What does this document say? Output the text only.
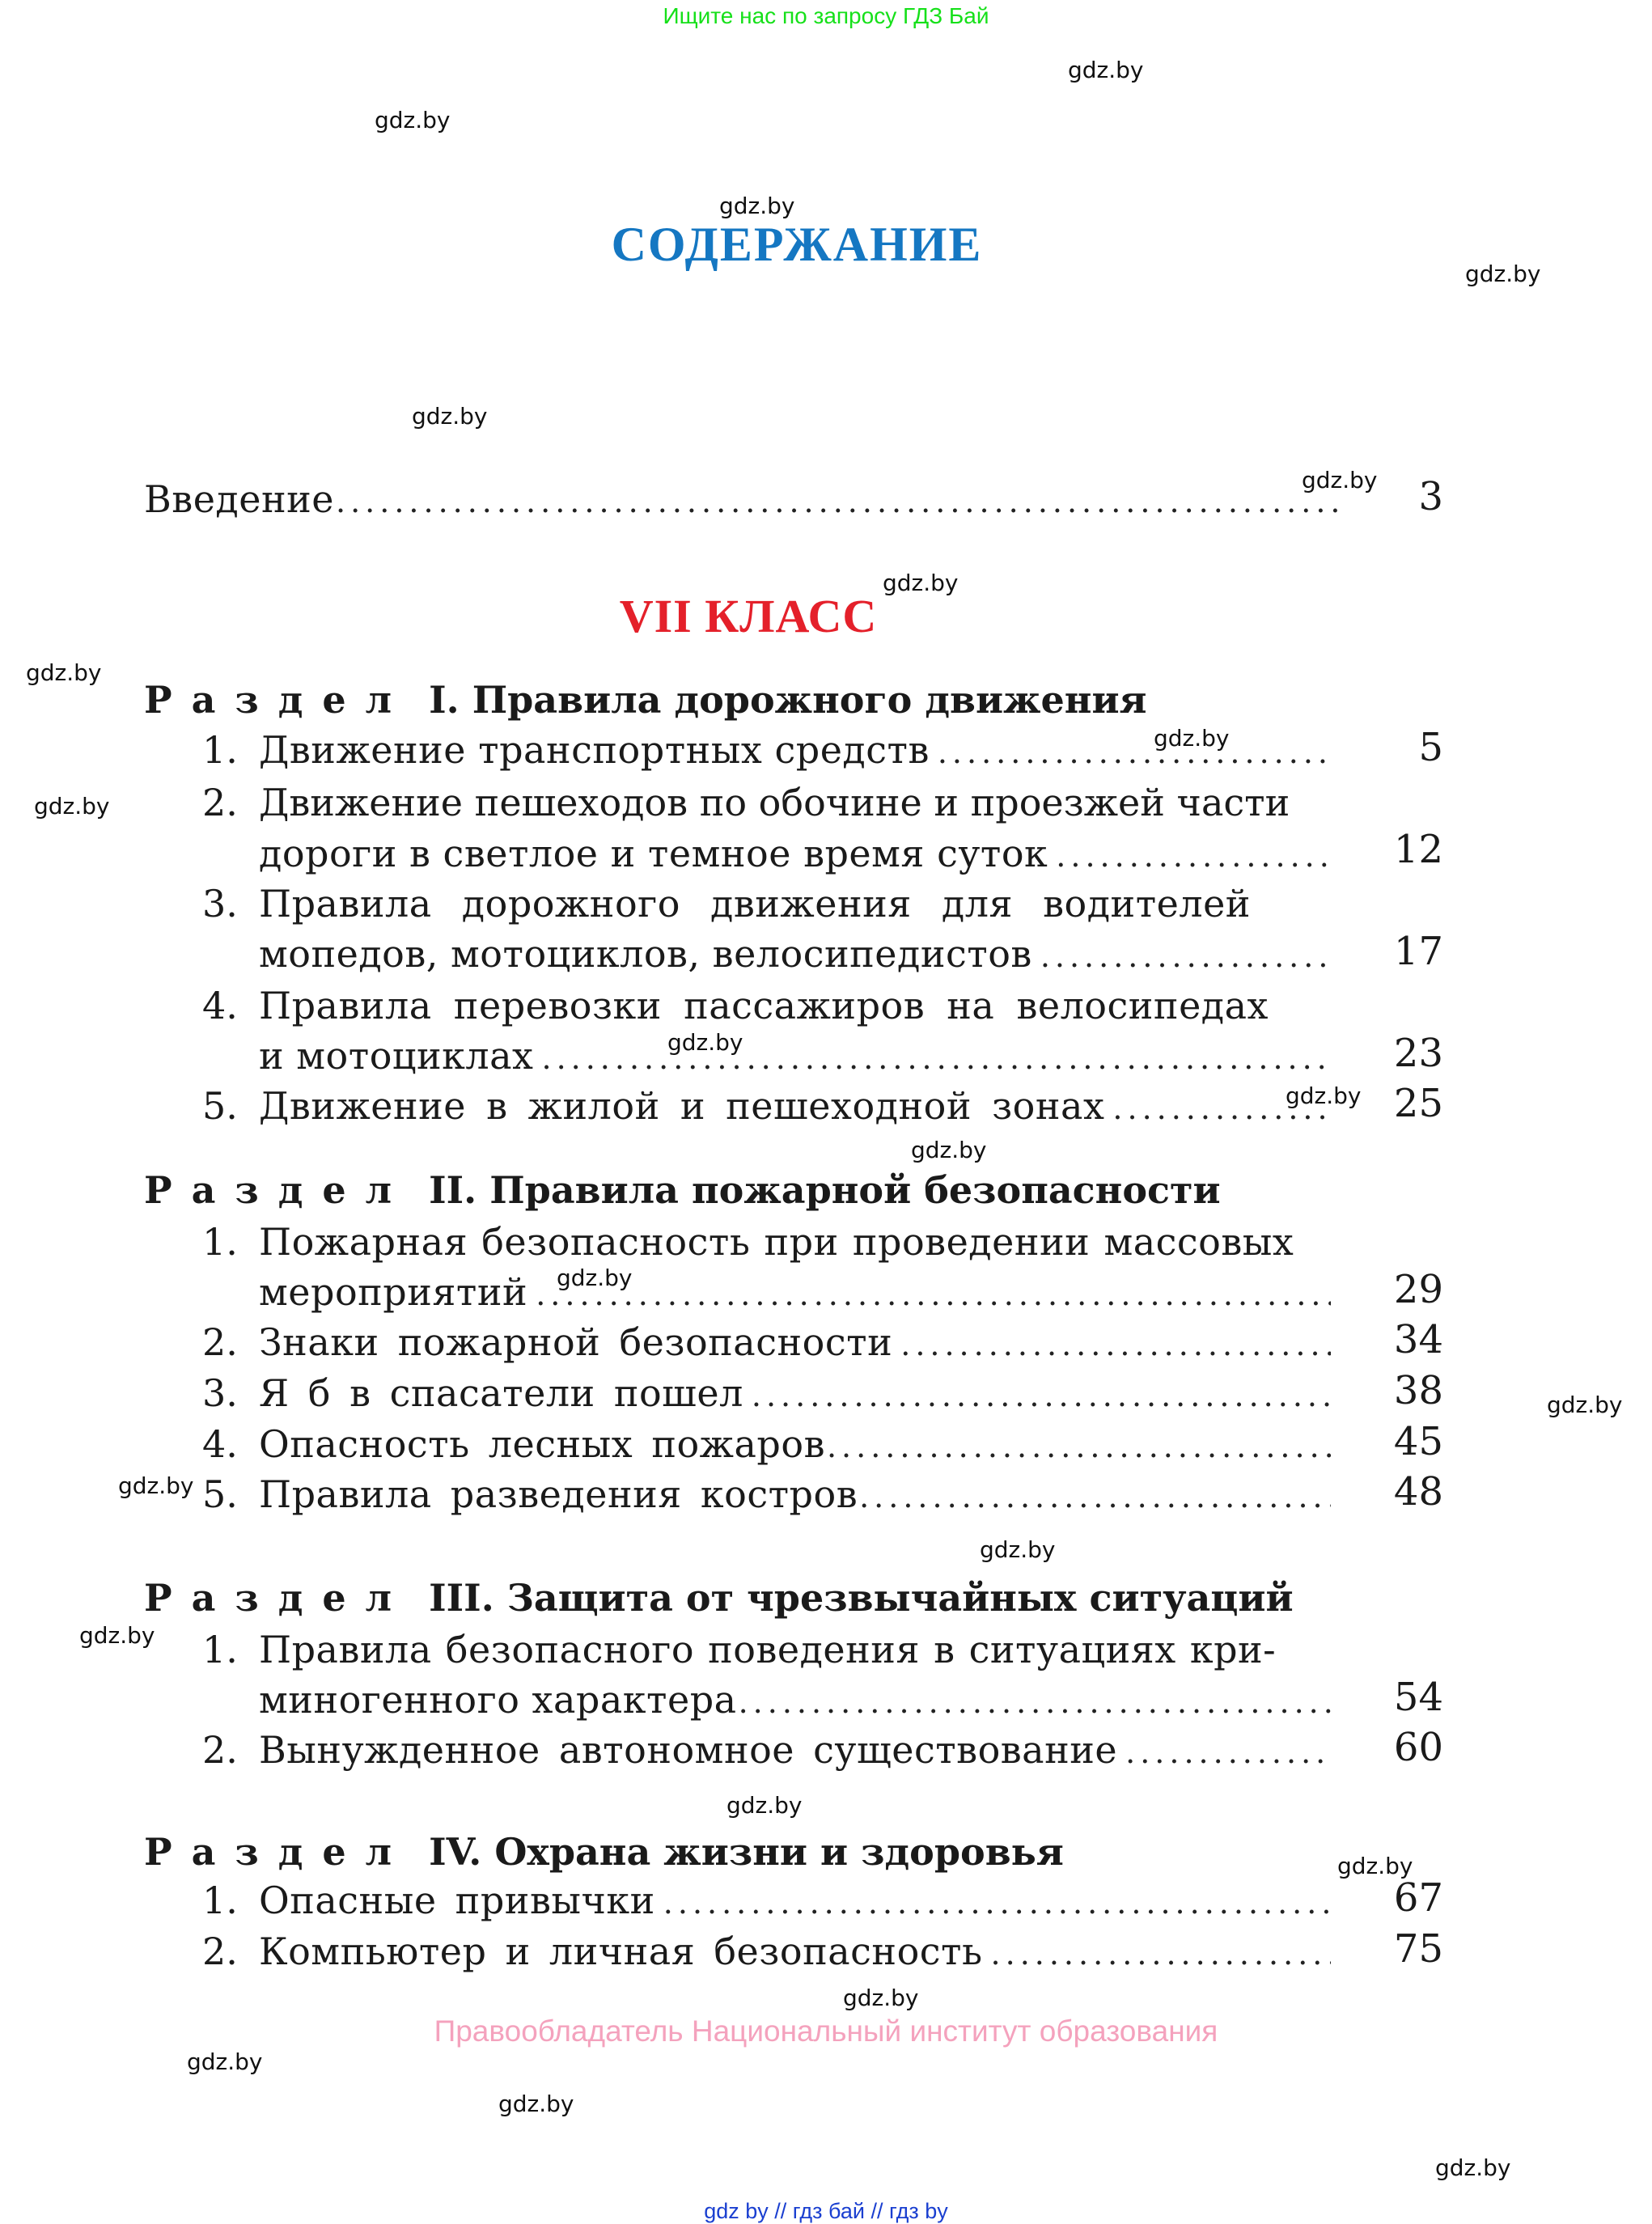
Ищите нас по запросу ГДЗ Бай
СОДЕРЖАНИЕ
Введение .....	3
VII КЛАСС
Раздел I. Правила дорожного движения
1. Движение транспортных средств .....	5
2. Движение пешеходов по обочине и проезжей части
дороги в светлое и темное время суток .....	12
3. Правила дорожного движения для водителей
мопедов, мотоциклов, велосипедистов .....	17
4. Правила перевозки пассажиров на велосипедах
и мотоциклах .....	23
5. Движение в жилой и пешеходной зонах .....	25
Раздел II. Правила пожарной безопасности
1. Пожарная безопасность при проведении массовых
мероприятий .....	29
2. Знаки пожарной безопасности .....	34
3. Я б в спасатели пошел .....	38
4. Опасность лесных пожаров .....	45
5. Правила разведения костров .....	48
Раздел III. Защита от чрезвычайных ситуаций
1. Правила безопасного поведения в ситуациях кри-
миногенного характера .....	54
2. Вынужденное автономное существование .....	60
Раздел IV. Охрана жизни и здоровья
1. Опасные привычки .....	67
2. Компьютер и личная безопасность .....	75
Правообладатель Национальный институт образования
gdz by // гдз бай // гдз by
gdz.by
gdz.by
gdz.by
gdz.by
gdz.by
gdz.by
gdz.by
gdz.by
gdz.by
gdz.by
gdz.by
gdz.by
gdz.by
gdz.by
gdz.by
gdz.by
gdz.by
gdz.by
gdz.by
gdz.by
gdz.by
gdz.by
gdz.by
gdz.by
